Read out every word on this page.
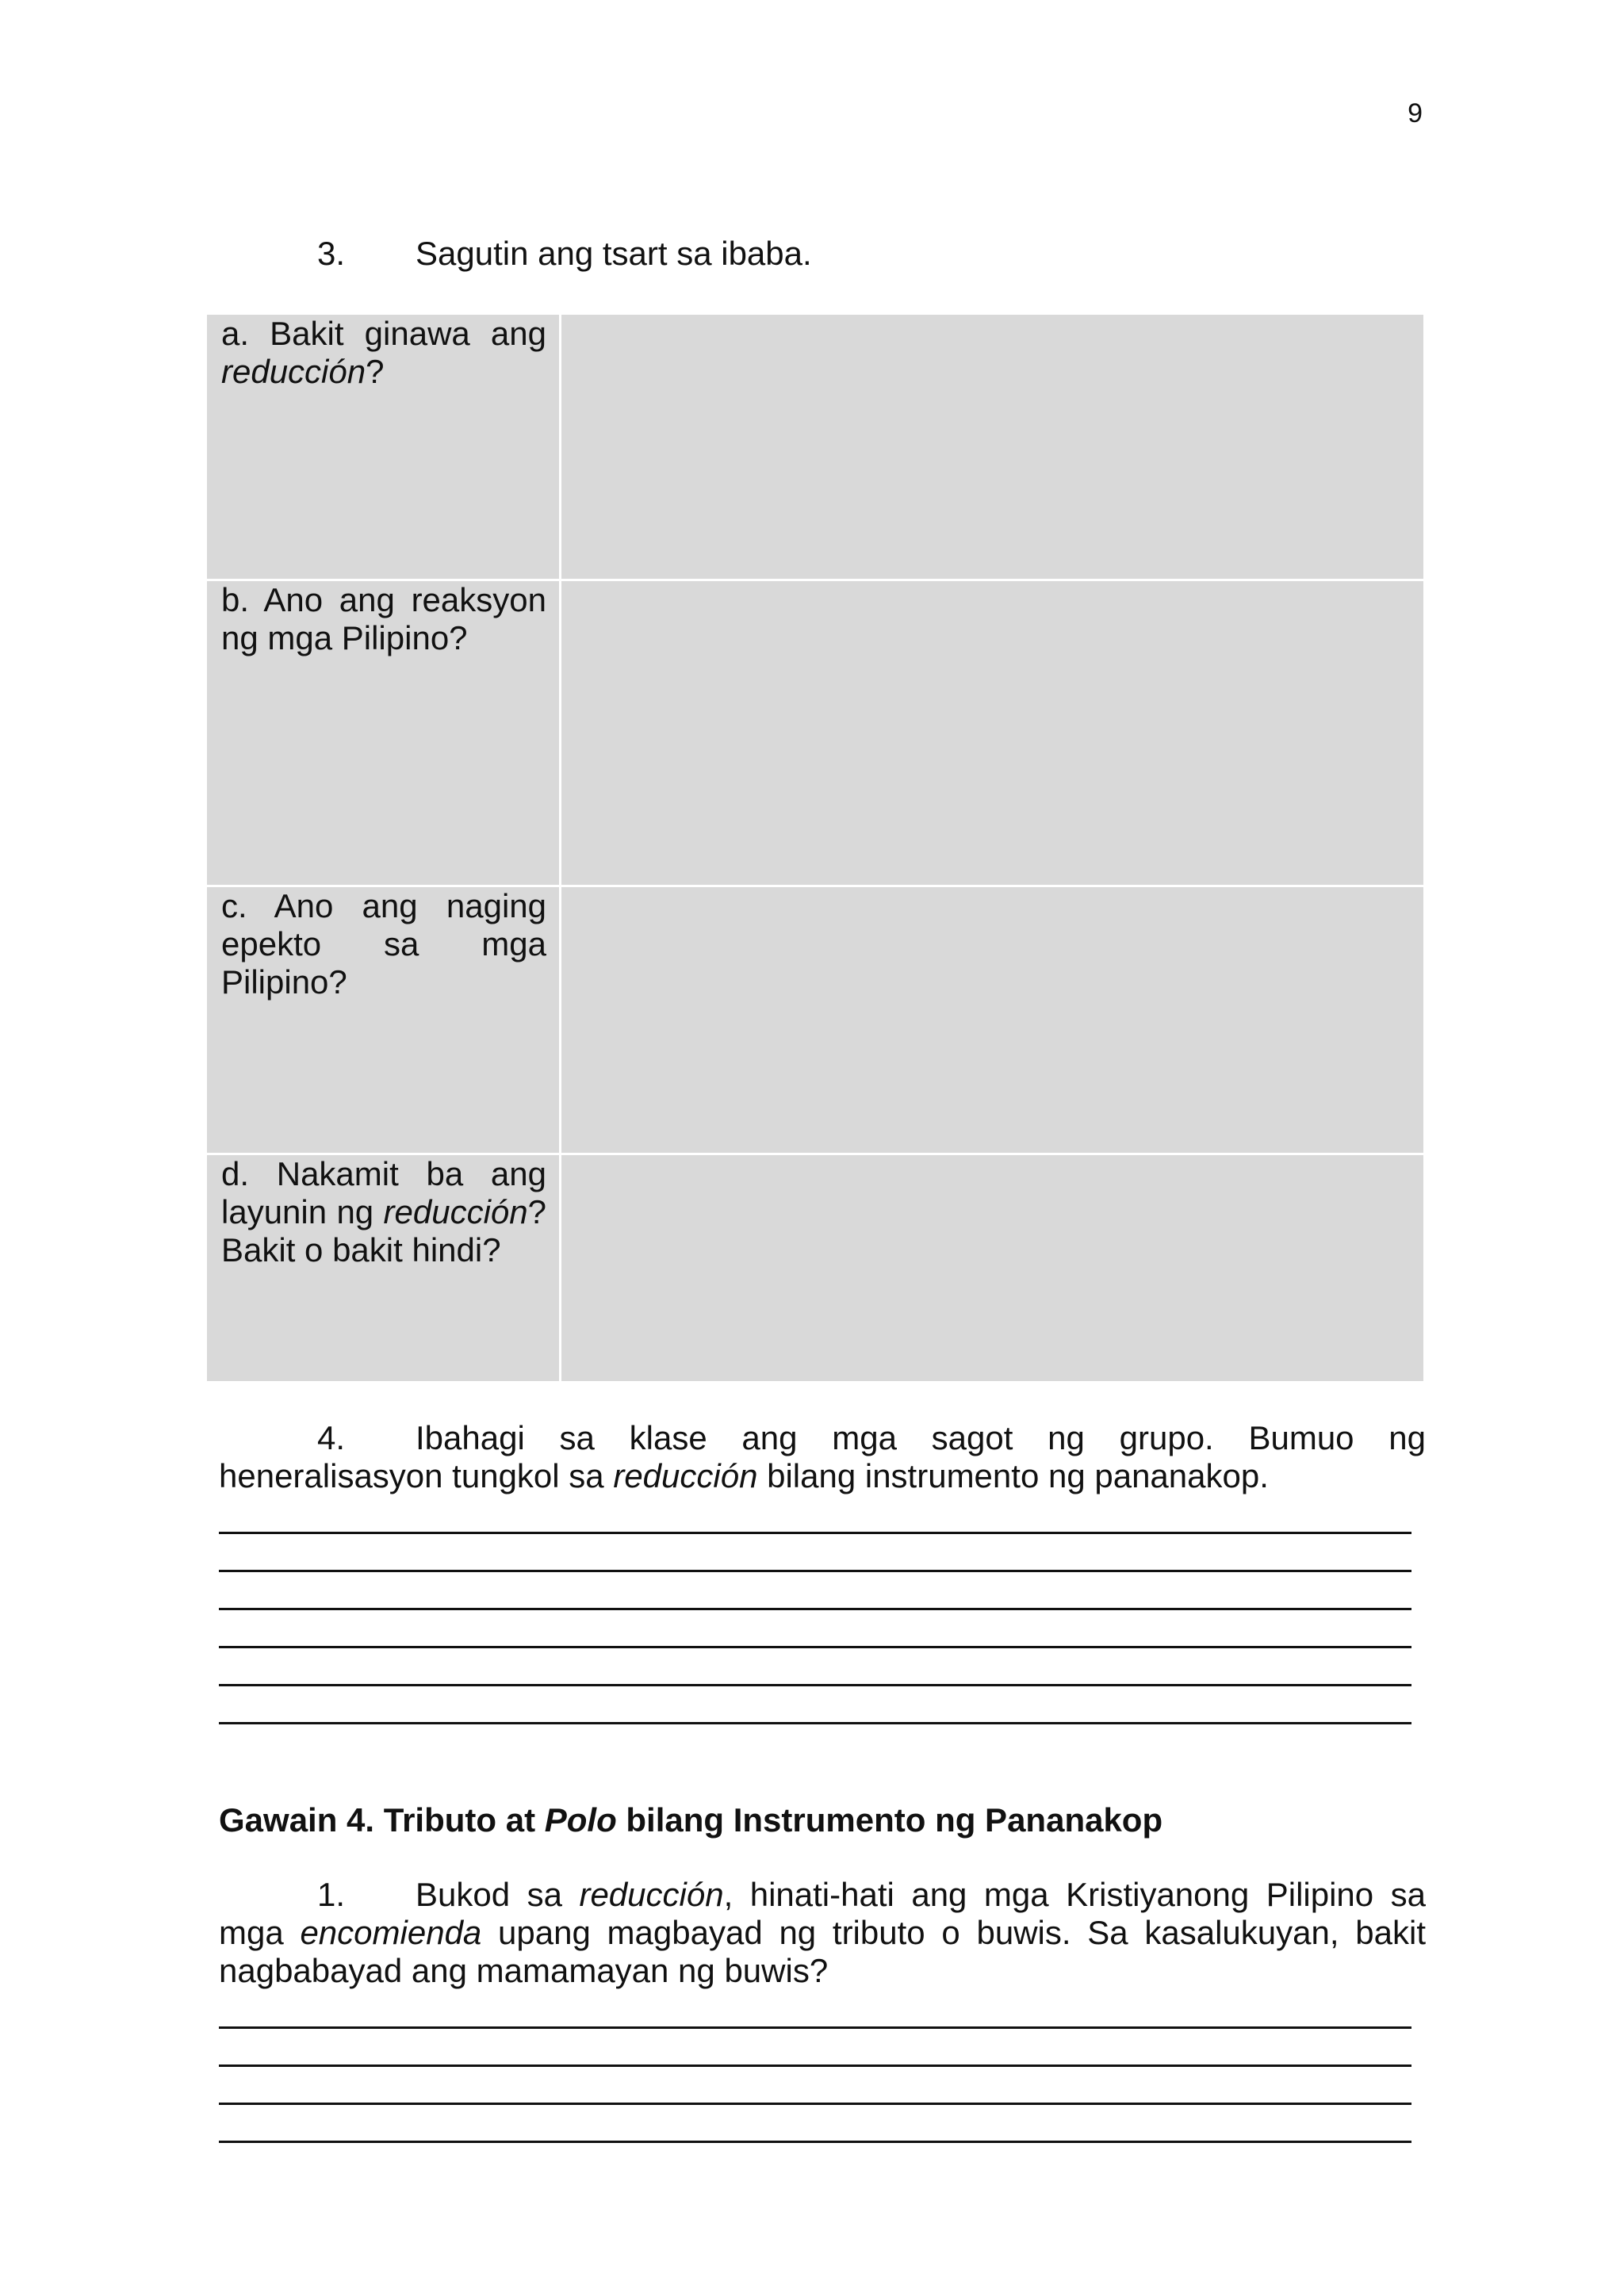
9
3. Sagutin ang tsart sa ibaba.
a. Bakit ginawa ang reducción?	
b. Ano ang reaksyon ng mga Pilipino?	
c. Ano ang naging epekto sa mga Pilipino?	
d. Nakamit ba ang layunin ng reducción? Bakit o bakit hindi?	
4. Ibahagi sa klase ang mga sagot ng grupo. Bumuo ng heneralisasyon tungkol sa reducción bilang instrumento ng pananakop.
Gawain 4. Tributo at Polo bilang Instrumento ng Pananakop
1. Bukod sa reducción, hinati-hati ang mga Kristiyanong Pilipino sa mga encomienda upang magbayad ng tributo o buwis. Sa kasalukuyan, bakit nagbabayad ang mamamayan ng buwis?
